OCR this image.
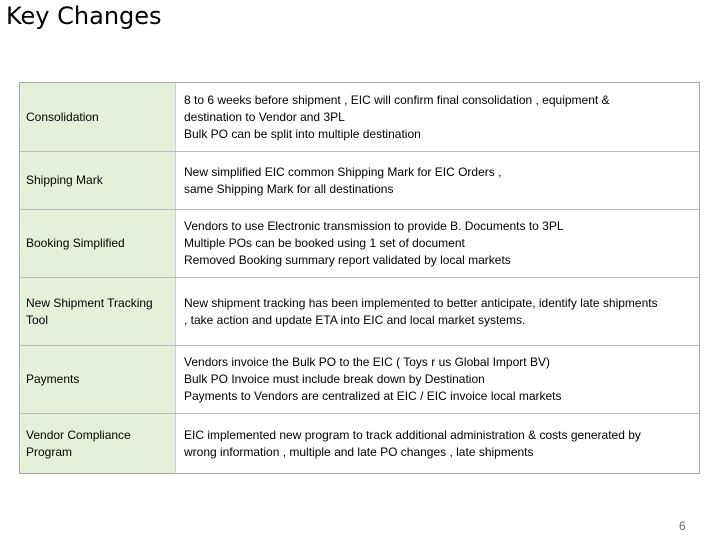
Key Changes
Consolidation
8 to 6 weeks before shipment , EIC will confirm final consolidation , equipment &
destination to Vendor and 3PL
Bulk PO can be split into multiple destination
Shipping Mark
New simplified EIC common Shipping Mark for EIC Orders ,
same Shipping Mark for all destinations
Booking Simplified
Vendors to use Electronic transmission to provide B. Documents to 3PL
Multiple POs can be booked using 1 set of document
Removed Booking summary report validated by local markets
New Shipment Tracking Tool
New shipment tracking has been implemented to better anticipate, identify late shipments
, take action and update ETA into EIC and local market systems.
Payments
Vendors invoice the Bulk PO to the EIC ( Toys r us Global Import BV)
Bulk PO Invoice must include break down by Destination
Payments to Vendors are centralized at EIC / EIC invoice local markets
Vendor Compliance Program
EIC implemented new program to track additional administration & costs generated by
wrong information , multiple and late PO changes , late shipments
6
